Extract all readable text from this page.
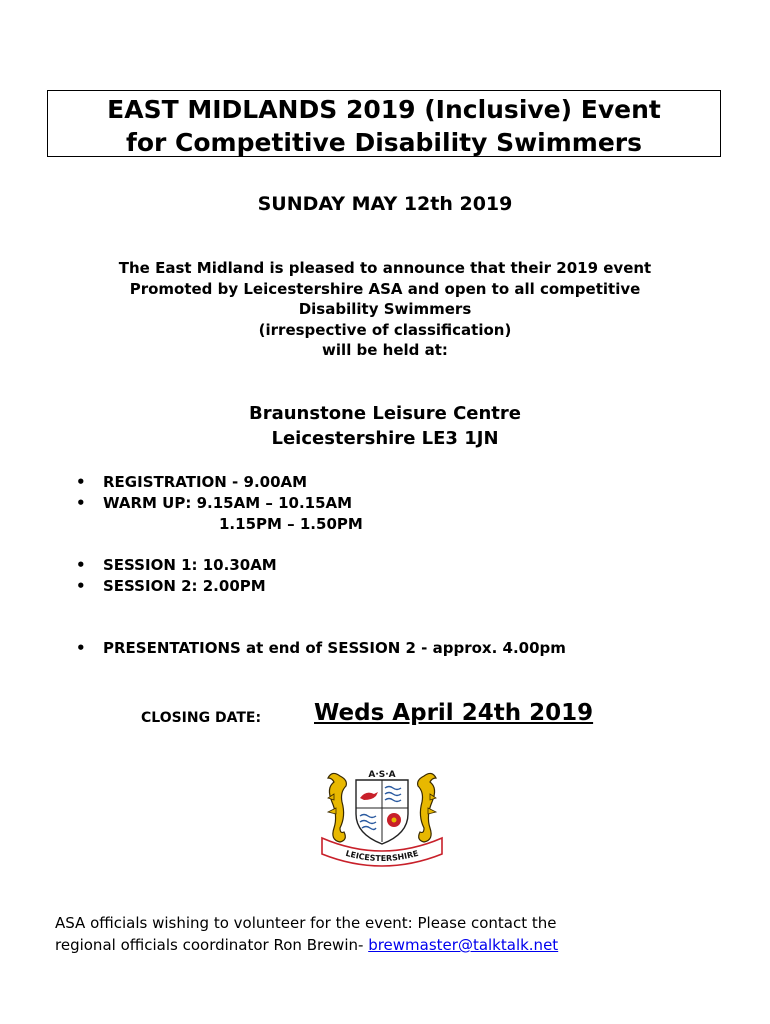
EAST MIDLANDS 2019 (Inclusive) Event
for Competitive Disability Swimmers
SUNDAY MAY 12th 2019
The East Midland is pleased to announce that their 2019 event
Promoted by Leicestershire ASA and open to all competitive
Disability Swimmers
(irrespective of classification)
will be held at:
Braunstone Leisure Centre
Leicestershire LE3 1JN
• REGISTRATION - 9.00AM
• WARM UP: 9.15AM – 10.15AM
1.15PM – 1.50PM
• SESSION 1: 10.30AM
• SESSION 2: 2.00PM
• PRESENTATIONS at end of SESSION 2 - approx. 4.00pm
CLOSING DATE: Weds April 24th 2019
A·S·A
LEICESTERSHIRE
ASA officials wishing to volunteer for the event: Please contact the
regional officials coordinator Ron Brewin- brewmaster@talktalk.net
